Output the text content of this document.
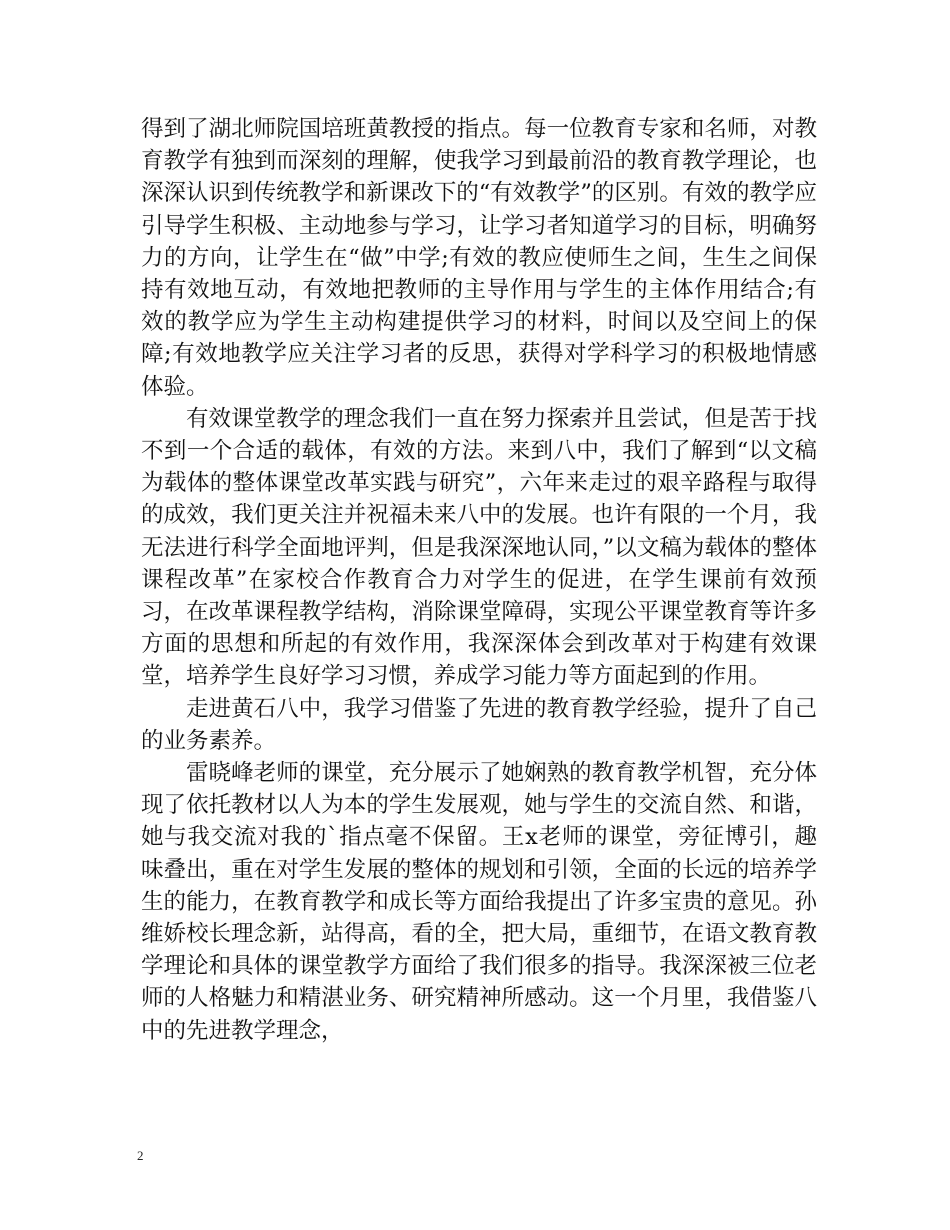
得到了湖北师院国培班黄教授的指点。每一位教育专家和名师，对教育教学有独到而深刻的理解，使我学习到最前沿的教育教学理论，也深深认识到传统教学和新课改下的“有效教学”的区别。有效的教学应引导学生积极、主动地参与学习，让学习者知道学习的目标，明确努力的方向，让学生在“做”中学;有效的教应使师生之间，生生之间保持有效地互动，有效地把教师的主导作用与学生的主体作用结合;有效的教学应为学生主动构建提供学习的材料，时间以及空间上的保障;有效地教学应关注学习者的反思，获得对学科学习的积极地情感体验。

有效课堂教学的理念我们一直在努力探索并且尝试，但是苦于找不到一个合适的载体，有效的方法。来到八中，我们了解到“以文稿为载体的整体课堂改革实践与研究”，六年来走过的艰辛路程与取得的成效，我们更关注并祝福未来八中的发展。也许有限的一个月，我无法进行科学全面地评判，但是我深深地认同，”以文稿为载体的整体课程改革”在家校合作教育合力对学生的促进，在学生课前有效预习，在改革课程教学结构，消除课堂障碍，实现公平课堂教育等许多方面的思想和所起的有效作用，我深深体会到改革对于构建有效课堂，培养学生良好学习习惯，养成学习能力等方面起到的作用。

走进黄石八中，我学习借鉴了先进的教育教学经验，提升了自己的业务素养。

雷晓峰老师的课堂，充分展示了她娴熟的教育教学机智，充分体现了依托教材以人为本的学生发展观，她与学生的交流自然、和谐，她与我交流对我的`指点毫不保留。王x老师的课堂，旁征博引，趣味叠出，重在对学生发展的整体的规划和引领，全面的长远的培养学生的能力，在教育教学和成长等方面给我提出了许多宝贵的意见。孙维娇校长理念新，站得高，看的全，把大局，重细节，在语文教育教学理论和具体的课堂教学方面给了我们很多的指导。我深深被三位老师的人格魅力和精湛业务、研究精神所感动。这一个月里，我借鉴八中的先进教学理念，

2
